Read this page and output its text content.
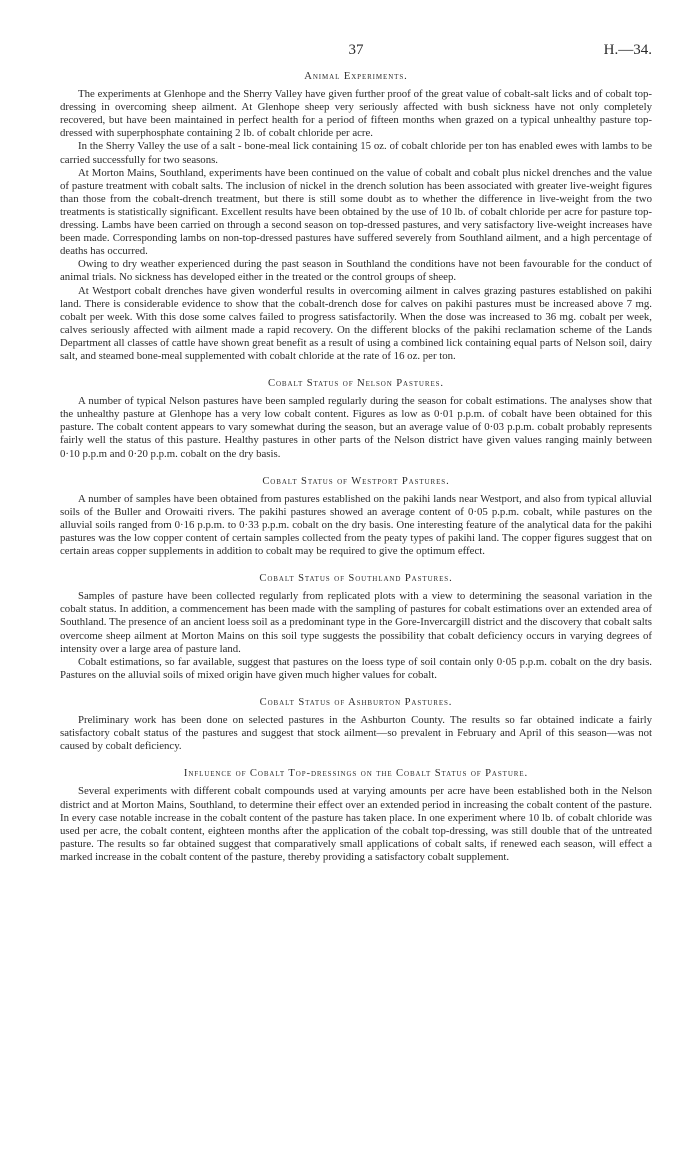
37	H.—34.
Animal Experiments.

The experiments at Glenhope and the Sherry Valley have given further proof of the great value of cobalt-salt licks and of cobalt top-dressing in overcoming sheep ailment. At Glenhope sheep very seriously affected with bush sickness have not only completely recovered, but have been maintained in perfect health for a period of fifteen months when grazed on a typical unhealthy pasture top-dressed with superphosphate containing 2 lb. of cobalt chloride per acre.

In the Sherry Valley the use of a salt - bone-meal lick containing 15 oz. of cobalt chloride per ton has enabled ewes with lambs to be carried successfully for two seasons.

At Morton Mains, Southland, experiments have been continued on the value of cobalt and cobalt plus nickel drenches and the value of pasture treatment with cobalt salts. The inclusion of nickel in the drench solution has been associated with greater live-weight figures than those from the cobalt-drench treatment, but there is still some doubt as to whether the difference in live-weight from the two treatments is statistically significant. Excellent results have been obtained by the use of 10 lb. of cobalt chloride per acre for pasture top-dressing. Lambs have been carried on through a second season on top-dressed pastures, and very satisfactory live-weight increases have been made. Corresponding lambs on non-top-dressed pastures have suffered severely from Southland ailment, and a high percentage of deaths has occurred.

Owing to dry weather experienced during the past season in Southland the conditions have not been favourable for the conduct of animal trials. No sickness has developed either in the treated or the control groups of sheep.

At Westport cobalt drenches have given wonderful results in overcoming ailment in calves grazing pastures established on pakihi land. There is considerable evidence to show that the cobalt-drench dose for calves on pakihi pastures must be increased above 7 mg. cobalt per week. With this dose some calves failed to progress satisfactorily. When the dose was increased to 36 mg. cobalt per week, calves seriously affected with ailment made a rapid recovery. On the different blocks of the pakihi reclamation scheme of the Lands Department all classes of cattle have shown great benefit as a result of using a combined lick containing equal parts of Nelson soil, dairy salt, and steamed bone-meal supplemented with cobalt chloride at the rate of 16 oz. per ton.

Cobalt Status of Nelson Pastures.

A number of typical Nelson pastures have been sampled regularly during the season for cobalt estimations. The analyses show that the unhealthy pasture at Glenhope has a very low cobalt content. Figures as low as 0·01 p.p.m. of cobalt have been obtained for this pasture. The cobalt content appears to vary somewhat during the season, but an average value of 0·03 p.p.m. cobalt probably represents fairly well the status of this pasture. Healthy pastures in other parts of the Nelson district have given values ranging mainly between 0·10 p.p.m and 0·20 p.p.m. cobalt on the dry basis.

Cobalt Status of Westport Pastures.

A number of samples have been obtained from pastures established on the pakihi lands near Westport, and also from typical alluvial soils of the Buller and Orowaiti rivers. The pakihi pastures showed an average content of 0·05 p.p.m. cobalt, while pastures on the alluvial soils ranged from 0·16 p.p.m. to 0·33 p.p.m. cobalt on the dry basis. One interesting feature of the analytical data for the pakihi pastures was the low copper content of certain samples collected from the peaty types of pakihi land. The copper figures suggest that on certain areas copper supplements in addition to cobalt may be required to give the optimum effect.

Cobalt Status of Southland Pastures.

Samples of pasture have been collected regularly from replicated plots with a view to determining the seasonal variation in the cobalt status. In addition, a commencement has been made with the sampling of pastures for cobalt estimations over an extended area of Southland. The presence of an ancient loess soil as a predominant type in the Gore-Invercargill district and the discovery that cobalt salts overcome sheep ailment at Morton Mains on this soil type suggests the possibility that cobalt deficiency occurs in varying degrees of intensity over a large area of pasture land.

Cobalt estimations, so far available, suggest that pastures on the loess type of soil contain only 0·05 p.p.m. cobalt on the dry basis. Pastures on the alluvial soils of mixed origin have given much higher values for cobalt.

Cobalt Status of Ashburton Pastures.

Preliminary work has been done on selected pastures in the Ashburton County. The results so far obtained indicate a fairly satisfactory cobalt status of the pastures and suggest that stock ailment—so prevalent in February and April of this season—was not caused by cobalt deficiency.

Influence of Cobalt Top-dressings on the Cobalt Status of Pasture.

Several experiments with different cobalt compounds used at varying amounts per acre have been established both in the Nelson district and at Morton Mains, Southland, to determine their effect over an extended period in increasing the cobalt content of the pasture. In every case notable increase in the cobalt content of the pasture has taken place. In one experiment where 10 lb. of cobalt chloride was used per acre, the cobalt content, eighteen months after the application of the cobalt top-dressing, was still double that of the untreated pasture. The results so far obtained suggest that comparatively small applications of cobalt salts, if renewed each season, will effect a marked increase in the cobalt content of the pasture, thereby providing a satisfactory cobalt supplement.
